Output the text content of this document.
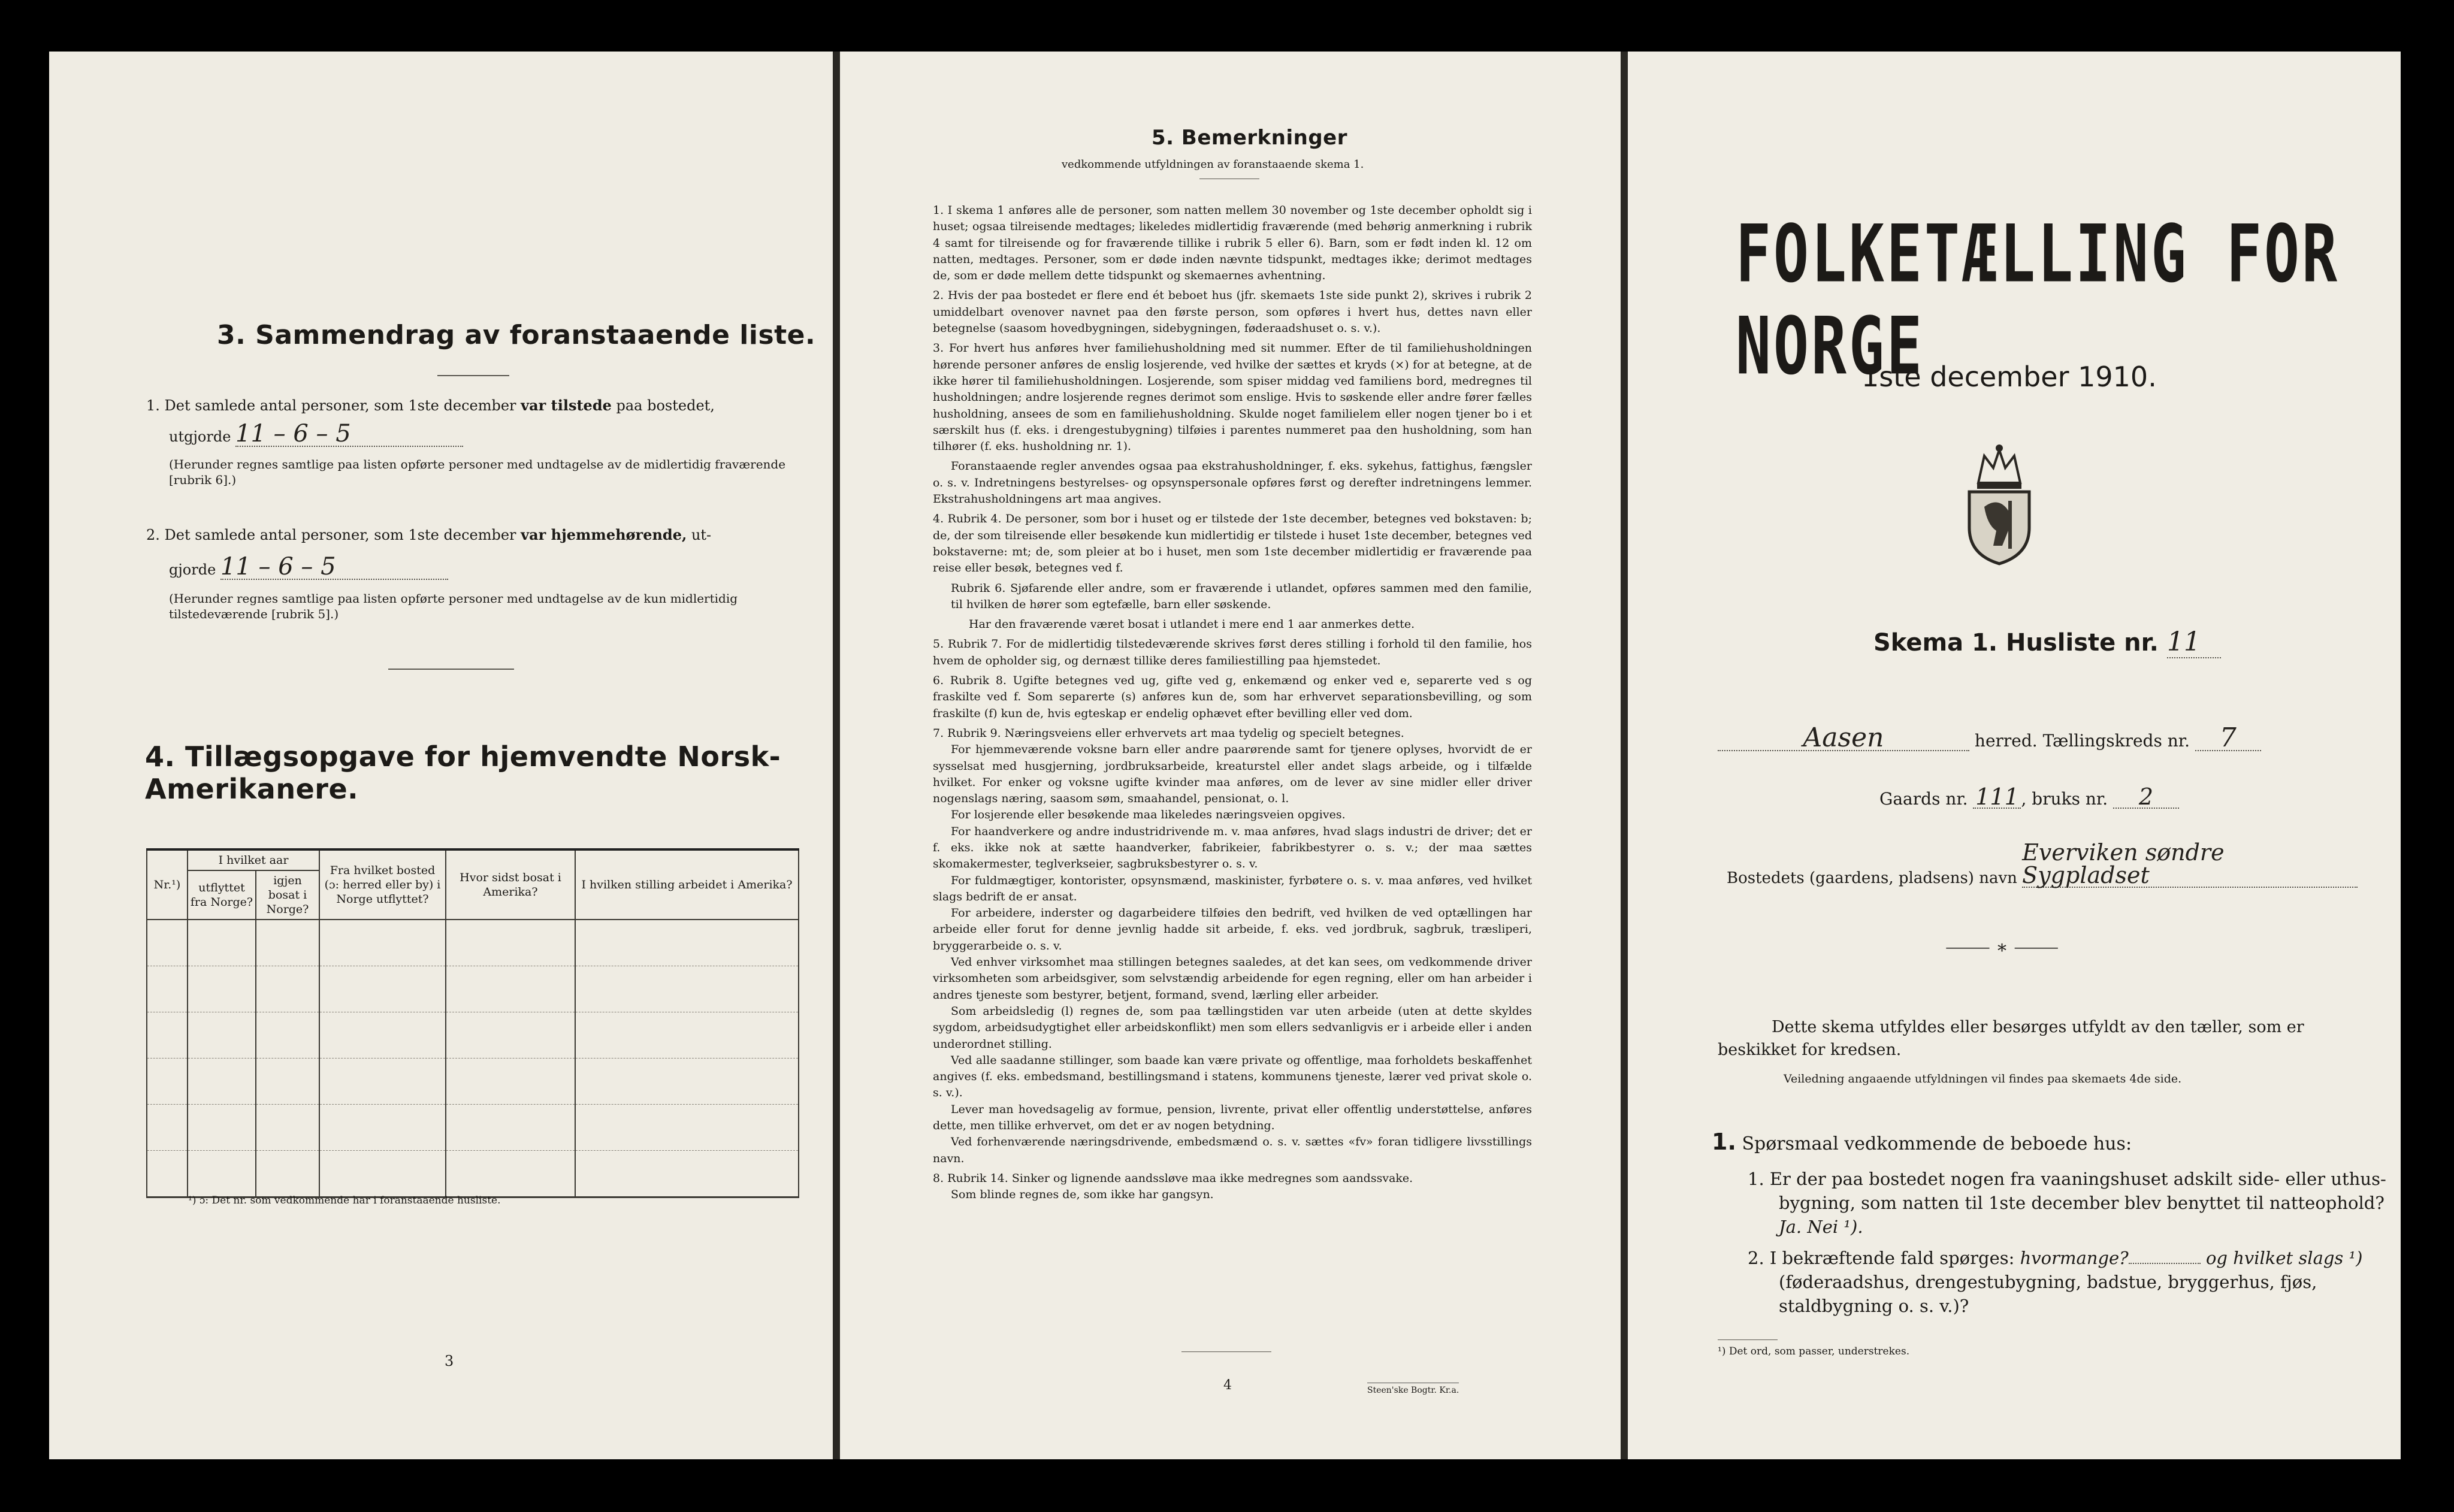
3. Sammendrag av foranstaaende liste.
1. Det samlede antal personer, som 1ste december var tilstede paa bostedet,
utgjorde 11 – 6 – 5
(Herunder regnes samtlige paa listen opførte personer med undtagelse av de midlertidig fraværende [rubrik 6].)
2. Det samlede antal personer, som 1ste december var hjemmehørende, ut-
gjorde 11 – 6 – 5
(Herunder regnes samtlige paa listen opførte personer med undtagelse av de kun midlertidig tilstedeværende [rubrik 5].)
4. Tillægsopgave for hjemvendte Norsk-Amerikanere.
Nr.¹)	I hvilket aar		Fra hvilket bosted (ɔ: herred eller by) i Norge utflyttet?	Hvor sidst bosat i Amerika?	I hvilken stilling arbeidet i Amerika?
	utflyttet fra Norge?	igjen bosat i Norge?			

¹) ɔ: Det nr. som vedkommende har i foranstaaende husliste.
3
5. Bemerkninger
vedkommende utfyldningen av foranstaaende skema 1.

1. I skema 1 anføres alle de personer, som natten mellem 30 november og 1ste december opholdt sig i huset; ogsaa tilreisende medtages; likeledes midlertidig fraværende (med behørig anmerkning i rubrik 4 samt for tilreisende og for fraværende tillike i rubrik 5 eller 6). Barn, som er født inden kl. 12 om natten, medtages. Personer, som er døde inden nævnte tidspunkt, medtages ikke; derimot medtages de, som er døde mellem dette tidspunkt og skemaernes avhentning.

2. Hvis der paa bostedet er flere end ét beboet hus (jfr. skemaets 1ste side punkt 2), skrives i rubrik 2 umiddelbart ovenover navnet paa den første person, som opføres i hvert hus, dettes navn eller betegnelse (saasom hovedbygningen, sidebygningen, føderaadshuset o. s. v.).

3. For hvert hus anføres hver familiehusholdning med sit nummer. Efter de til familiehusholdningen hørende personer anføres de enslig losjerende, ved hvilke der sættes et kryds (×) for at betegne, at de ikke hører til familiehusholdningen. Losjerende, som spiser middag ved familiens bord, medregnes til husholdningen; andre losjerende regnes derimot som enslige. Hvis to søskende eller andre fører fælles husholdning, ansees de som en familiehusholdning. Skulde noget familielem eller nogen tjener bo i et særskilt hus (f. eks. i drengestubygning) tilføies i parentes nummeret paa den husholdning, som han tilhører (f. eks. husholdning nr. 1).

Foranstaaende regler anvendes ogsaa paa ekstrahusholdninger, f. eks. sykehus, fattighus, fængsler o. s. v. Indretningens bestyrelses- og opsynspersonale opføres først og derefter indretningens lemmer. Ekstrahusholdningens art maa angives.

4. Rubrik 4. De personer, som bor i huset og er tilstede der 1ste december, betegnes ved bokstaven: b; de, der som tilreisende eller besøkende kun midlertidig er tilstede i huset 1ste december, betegnes ved bokstaverne: mt; de, som pleier at bo i huset, men som 1ste december midlertidig er fraværende paa reise eller besøk, betegnes ved f.

Rubrik 6. Sjøfarende eller andre, som er fraværende i utlandet, opføres sammen med den familie, til hvilken de hører som egtefælle, barn eller søskende.

Har den fraværende været bosat i utlandet i mere end 1 aar anmerkes dette.

5. Rubrik 7. For de midlertidig tilstedeværende skrives først deres stilling i forhold til den familie, hos hvem de opholder sig, og dernæst tillike deres familiestilling paa hjemstedet.

6. Rubrik 8. Ugifte betegnes ved ug, gifte ved g, enkemænd og enker ved e, separerte ved s og fraskilte ved f. Som separerte (s) anføres kun de, som har erhvervet separationsbevilling, og som fraskilte (f) kun de, hvis egteskap er endelig ophævet efter bevilling eller ved dom.

7. Rubrik 9. Næringsveiens eller erhvervets art maa tydelig og specielt betegnes.

For hjemmeværende voksne barn eller andre paarørende samt for tjenere oplyses, hvorvidt de er sysselsat med husgjerning, jordbruksarbeide, kreaturstel eller andet slags arbeide, og i tilfælde hvilket. For enker og voksne ugifte kvinder maa anføres, om de lever av sine midler eller driver nogenslags næring, saasom søm, smaahandel, pensionat, o. l.

For losjerende eller besøkende maa likeledes næringsveien opgives.

For haandverkere og andre industridrivende m. v. maa anføres, hvad slags industri de driver; det er f. eks. ikke nok at sætte haandverker, fabrikeier, fabrikbestyrer o. s. v.; der maa sættes skomakermester, teglverkseier, sagbruksbestyrer o. s. v.

For fuldmægtiger, kontorister, opsynsmænd, maskinister, fyrbøtere o. s. v. maa anføres, ved hvilket slags bedrift de er ansat.

For arbeidere, inderster og dagarbeidere tilføies den bedrift, ved hvilken de ved optællingen har arbeide eller forut for denne jevnlig hadde sit arbeide, f. eks. ved jordbruk, sagbruk, træsliperi, bryggerarbeide o. s. v.

Ved enhver virksomhet maa stillingen betegnes saaledes, at det kan sees, om vedkommende driver virksomheten som arbeidsgiver, som selvstændig arbeidende for egen regning, eller om han arbeider i andres tjeneste som bestyrer, betjent, formand, svend, lærling eller arbeider.

Som arbeidsledig (l) regnes de, som paa tællingstiden var uten arbeide (uten at dette skyldes sygdom, arbeidsudygtighet eller arbeidskonflikt) men som ellers sedvanligvis er i arbeide eller i anden underordnet stilling.

Ved alle saadanne stillinger, som baade kan være private og offentlige, maa forholdets beskaffenhet angives (f. eks. embedsmand, bestillingsmand i statens, kommunens tjeneste, lærer ved privat skole o. s. v.).

Lever man hovedsagelig av formue, pension, livrente, privat eller offentlig understøttelse, anføres dette, men tillike erhvervet, om det er av nogen betydning.

Ved forhenværende næringsdrivende, embedsmænd o. s. v. sættes «fv» foran tidligere livsstillings navn.

8. Rubrik 14. Sinker og lignende aandssløve maa ikke medregnes som aandssvake.

Som blinde regnes de, som ikke har gangsyn.

4	Steen'ske Bogtr. Kr.a.
FOLKETÆLLING FOR NORGE
1ste december 1910.
Skema 1. Husliste nr. 11
Aasen	herred. Tællingskreds nr. 7
Gaards nr. 111 , bruks nr. 2
Bostedets (gaardens, pladsens) navn Everviken søndre Sygpladset
⸻ ∗ ⸻
Dette skema utfyldes eller besørges utfyldt av den tæller, som er beskikket for kredsen.
Veiledning angaaende utfyldningen vil findes paa skemaets 4de side.
1. Spørsmaal vedkommende de beboede hus:
1. Er der paa bostedet nogen fra vaaningshuset adskilt side- eller uthus-bygning, som natten til 1ste december blev benyttet til natteophold? Ja. Nei ¹).
2. I bekræftende fald spørges: hvormange?	og hvilket slags ¹) (føderaadshus, drengestubygning, badstue, bryggerhus, fjøs, staldbygning o. s. v.)?
¹) Det ord, som passer, understrekes.
